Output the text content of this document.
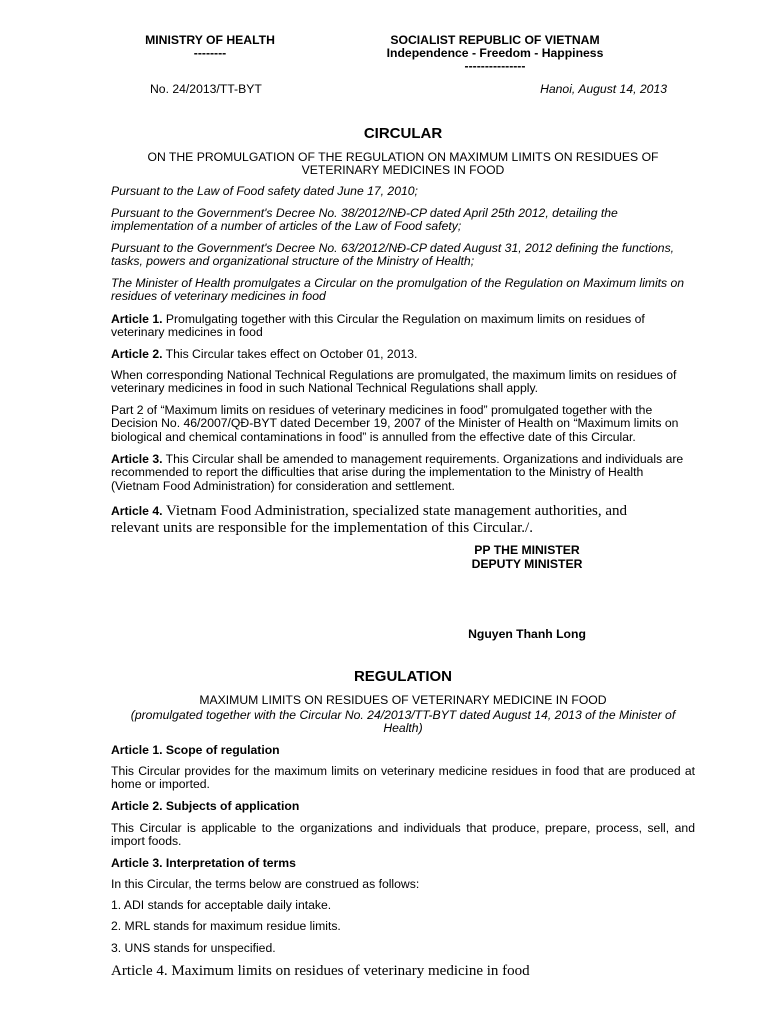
MINISTRY OF HEALTH
--------
SOCIALIST REPUBLIC OF VIETNAM
Independence - Freedom - Happiness
---------------
No. 24/2013/TT-BYT	Hanoi, August 14, 2013
CIRCULAR
ON THE PROMULGATION OF THE REGULATION ON MAXIMUM LIMITS ON RESIDUES OF VETERINARY MEDICINES IN FOOD
Pursuant to the Law of Food safety dated June 17, 2010;
Pursuant to the Government's Decree No. 38/2012/NĐ-CP dated April 25th 2012, detailing the implementation of a number of articles of the Law of Food safety;
Pursuant to the Government's Decree No. 63/2012/NĐ-CP dated August 31, 2012 defining the functions, tasks, powers and organizational structure of the Ministry of Health;
The Minister of Health promulgates a Circular on the promulgation of the Regulation on Maximum limits on residues of veterinary medicines in food
Article 1. Promulgating together with this Circular the Regulation on maximum limits on residues of veterinary medicines in food
Article 2. This Circular takes effect on October 01, 2013.
When corresponding National Technical Regulations are promulgated, the maximum limits on residues of veterinary medicines in food in such National Technical Regulations shall apply.
Part 2 of “Maximum limits on residues of veterinary medicines in food” promulgated together with the Decision No. 46/2007/QĐ-BYT dated December 19, 2007 of the Minister of Health on “Maximum limits on biological and chemical contaminations in food” is annulled from the effective date of this Circular.
Article 3. This Circular shall be amended to management requirements. Organizations and individuals are recommended to report the difficulties that arise during the implementation to the Ministry of Health (Vietnam Food Administration) for consideration and settlement.
Article 4. Vietnam Food Administration, specialized state management authorities, and relevant units are responsible for the implementation of this Circular./.
PP THE MINISTER
DEPUTY MINISTER
Nguyen Thanh Long
REGULATION
MAXIMUM LIMITS ON RESIDUES OF VETERINARY MEDICINE IN FOOD
(promulgated together with the Circular No. 24/2013/TT-BYT dated August 14, 2013 of the Minister of Health)
Article 1. Scope of regulation
This Circular provides for the maximum limits on veterinary medicine residues in food that are produced at home or imported.
Article 2. Subjects of application
This Circular is applicable to the organizations and individuals that produce, prepare, process, sell, and import foods.
Article 3. Interpretation of terms
In this Circular, the terms below are construed as follows:
1. ADI stands for acceptable daily intake.
2. MRL stands for maximum residue limits.
3. UNS stands for unspecified.
Article 4. Maximum limits on residues of veterinary medicine in food
